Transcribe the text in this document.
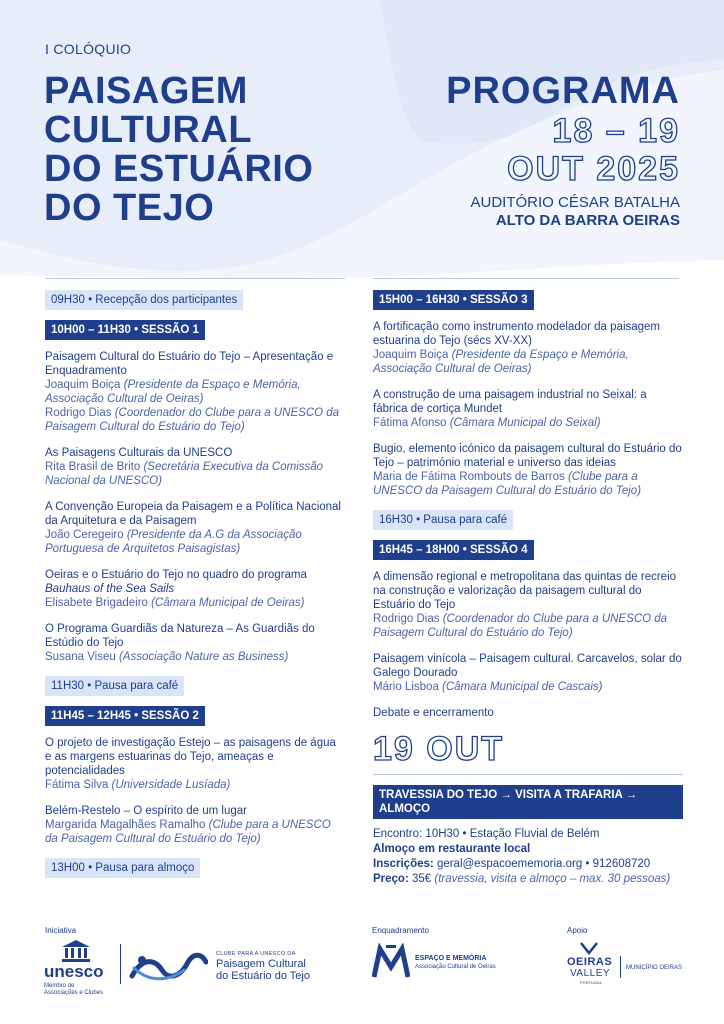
I COLÓQUIO
PAISAGEM
CULTURAL
DO ESTUÁRIO
DO TEJO
PROGRAMA
18 – 19
OUT 2025
AUDITÓRIO CÉSAR BATALHA
ALTO DA BARRA OEIRAS
09H30 • Recepção dos participantes
10H00 – 11H30 • SESSÃO 1
Paisagem Cultural do Estuário do Tejo – Apresentação e Enquadramento
Joaquim Boiça (Presidente da Espaço e Memória, Associação Cultural de Oeiras)
Rodrigo Dias (Coordenador do Clube para a UNESCO da Paisagem Cultural do Estuário do Tejo)
As Paisagens Culturais da UNESCO
Rita Brasil de Brito (Secretária Executiva da Comissão Nacional da UNESCO)
A Convenção Europeia da Paisagem e a Política Nacional da Arquitetura e da Paisagem
João Ceregeiro (Presidente da A.G da Associação Portuguesa de Arquitetos Paisagistas)
Oeiras e o Estuário do Tejo no quadro do programa
Bauhaus of the Sea Sails
Elisabete Brigadeiro (Câmara Municipal de Oeiras)
O Programa Guardiãs da Natureza – As Guardiãs do Estúdio do Tejo
Susana Viseu (Associação Nature as Business)
11H30 • Pausa para café
11H45 – 12H45 • SESSÃO 2
O projeto de investigação Estejo – as paisagens de água e as margens estuarinas do Tejo, ameaças e potencialidades
Fátima Silva (Universidade Lusíada)
Belém-Restelo – O espírito de um lugar
Margarida Magalhães Ramalho (Clube para a UNESCO da Paisagem Cultural do Estuário do Tejo)
13H00 • Pausa para almoço
15H00 – 16H30 • SESSÃO 3
A fortificação como instrumento modelador da paisagem estuarina do Tejo (sécs XV-XX)
Joaquim Boiça (Presidente da Espaço e Memória, Associação Cultural de Oeiras)
A construção de uma paisagem industrial no Seixal: a fábrica de cortiça Mundet
Fátima Afonso (Câmara Municipal do Seixal)
Bugio, elemento icónico da paisagem cultural do Estuário do Tejo – património material e universo das ideias
Maria de Fátima Rombouts de Barros (Clube para a UNESCO da Paisagem Cultural do Estuário do Tejo)
16H30 • Pausa para café
16H45 – 18H00 • SESSÃO 4
A dimensão regional e metropolitana das quintas de recreio na construção e valorização da paisagem cultural do Estuário do Tejo
Rodrigo Dias (Coordenador do Clube para a UNESCO da Paisagem Cultural do Estuário do Tejo)
Paisagem vinícola – Paisagem cultural. Carcavelos, solar do Galego Dourado
Mário Lisboa (Câmara Municipal de Cascais)
Debate e encerramento
19 OUT
TRAVESSIA DO TEJO → VISITA A TRAFARIA → ALMOÇO
Encontro: 10H30 • Estação Fluvial de Belém
Almoço em restaurante local
Inscrições: geral@espacoememoria.org • 912608720
Preço: 35€ (travessia, visita e almoço – max. 30 pessoas)
Iniciativa	Enquadramento	Apoio
unesco
Membro de
Associações e Clubes
CLUBE PARA A UNESCO DA
Paisagem Cultural
do Estuário do Tejo
ESPAÇO E MEMÓRIA
Associação Cultural de Oeiras	OEIRAS
VALLEY
PORTUGAL
MUNICÍPIO OEIRAS
